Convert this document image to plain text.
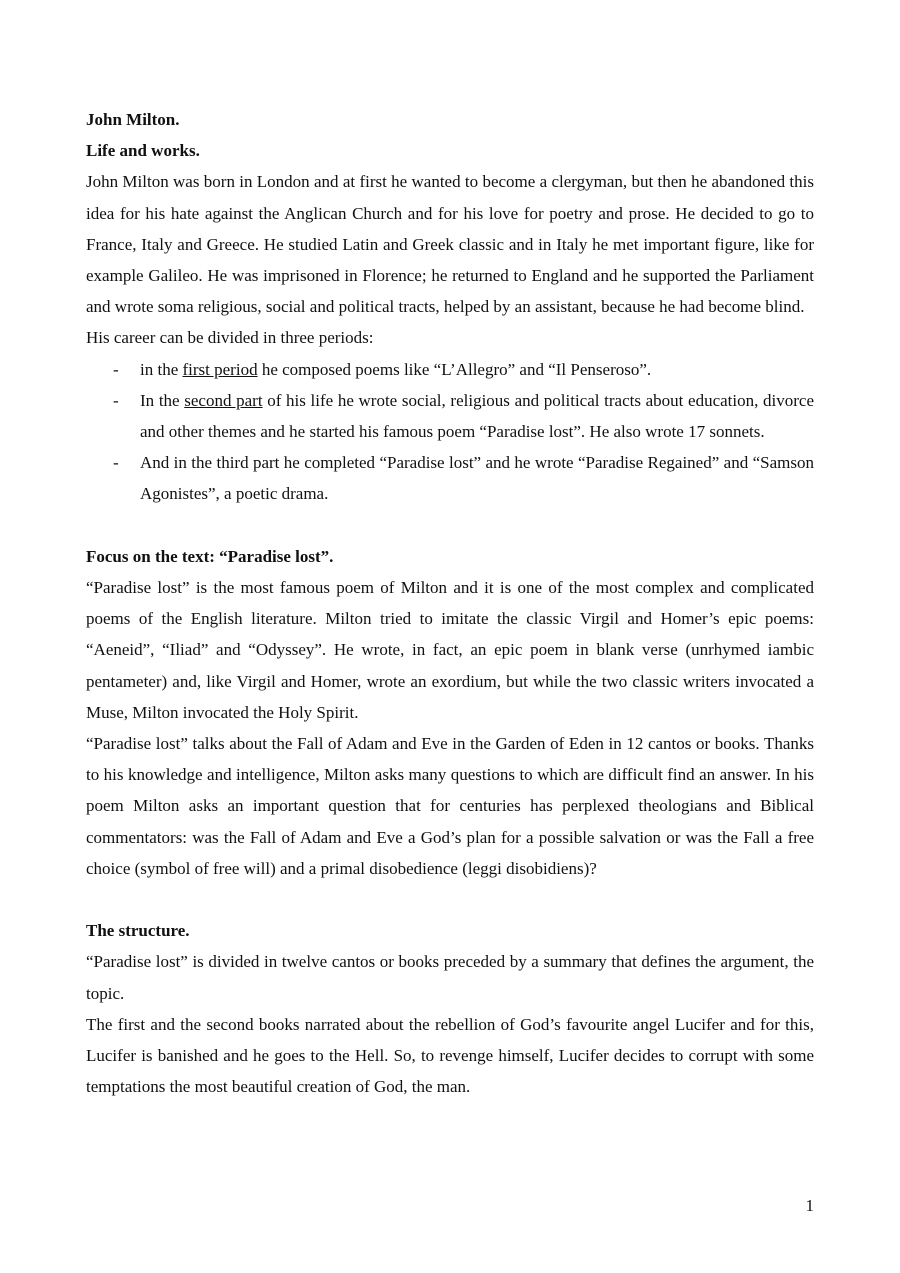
John Milton.

Life and works.

John Milton was born in London and at first he wanted to become a clergyman, but then he abandoned this idea for his hate against the Anglican Church and for his love for poetry and prose. He decided to go to France, Italy and Greece. He studied Latin and Greek classic and in Italy he met important figure, like for example Galileo. He was imprisoned in Florence; he returned to England and he supported the Parliament and wrote soma religious, social and political tracts, helped by an assistant, because he had become blind.

His career can be divided in three periods:

- in the first period he composed poems like “L’Allegro” and “Il Penseroso”.
- In the second part of his life he wrote social, religious and political tracts about education, divorce and other themes and he started his famous poem “Paradise lost”. He also wrote 17 sonnets.
- And in the third part he completed “Paradise lost” and he wrote “Paradise Regained” and “Samson Agonistes”, a poetic drama.

Focus on the text: “Paradise lost”.

“Paradise lost” is the most famous poem of Milton and it is one of the most complex and complicated poems of the English literature. Milton tried to imitate the classic Virgil and Homer’s epic poems: “Aeneid”, “Iliad” and “Odyssey”. He wrote, in fact, an epic poem in blank verse (unrhymed iambic pentameter) and, like Virgil and Homer, wrote an exordium, but while the two classic writers invocated a Muse, Milton invocated the Holy Spirit.

“Paradise lost” talks about the Fall of Adam and Eve in the Garden of Eden in 12 cantos or books. Thanks to his knowledge and intelligence, Milton asks many questions to which are difficult find an answer. In his poem Milton asks an important question that for centuries has perplexed theologians and Biblical commentators: was the Fall of Adam and Eve a God’s plan for a possible salvation or was the Fall a free choice (symbol of free will) and a primal disobedience (leggi disobidiens)?

The structure.

“Paradise lost” is divided in twelve cantos or books preceded by a summary that defines the argument, the topic.

The first and the second books narrated about the rebellion of God’s favourite angel Lucifer and for this, Lucifer is banished and he goes to the Hell. So, to revenge himself, Lucifer decides to corrupt with some temptations the most beautiful creation of God, the man.

1
